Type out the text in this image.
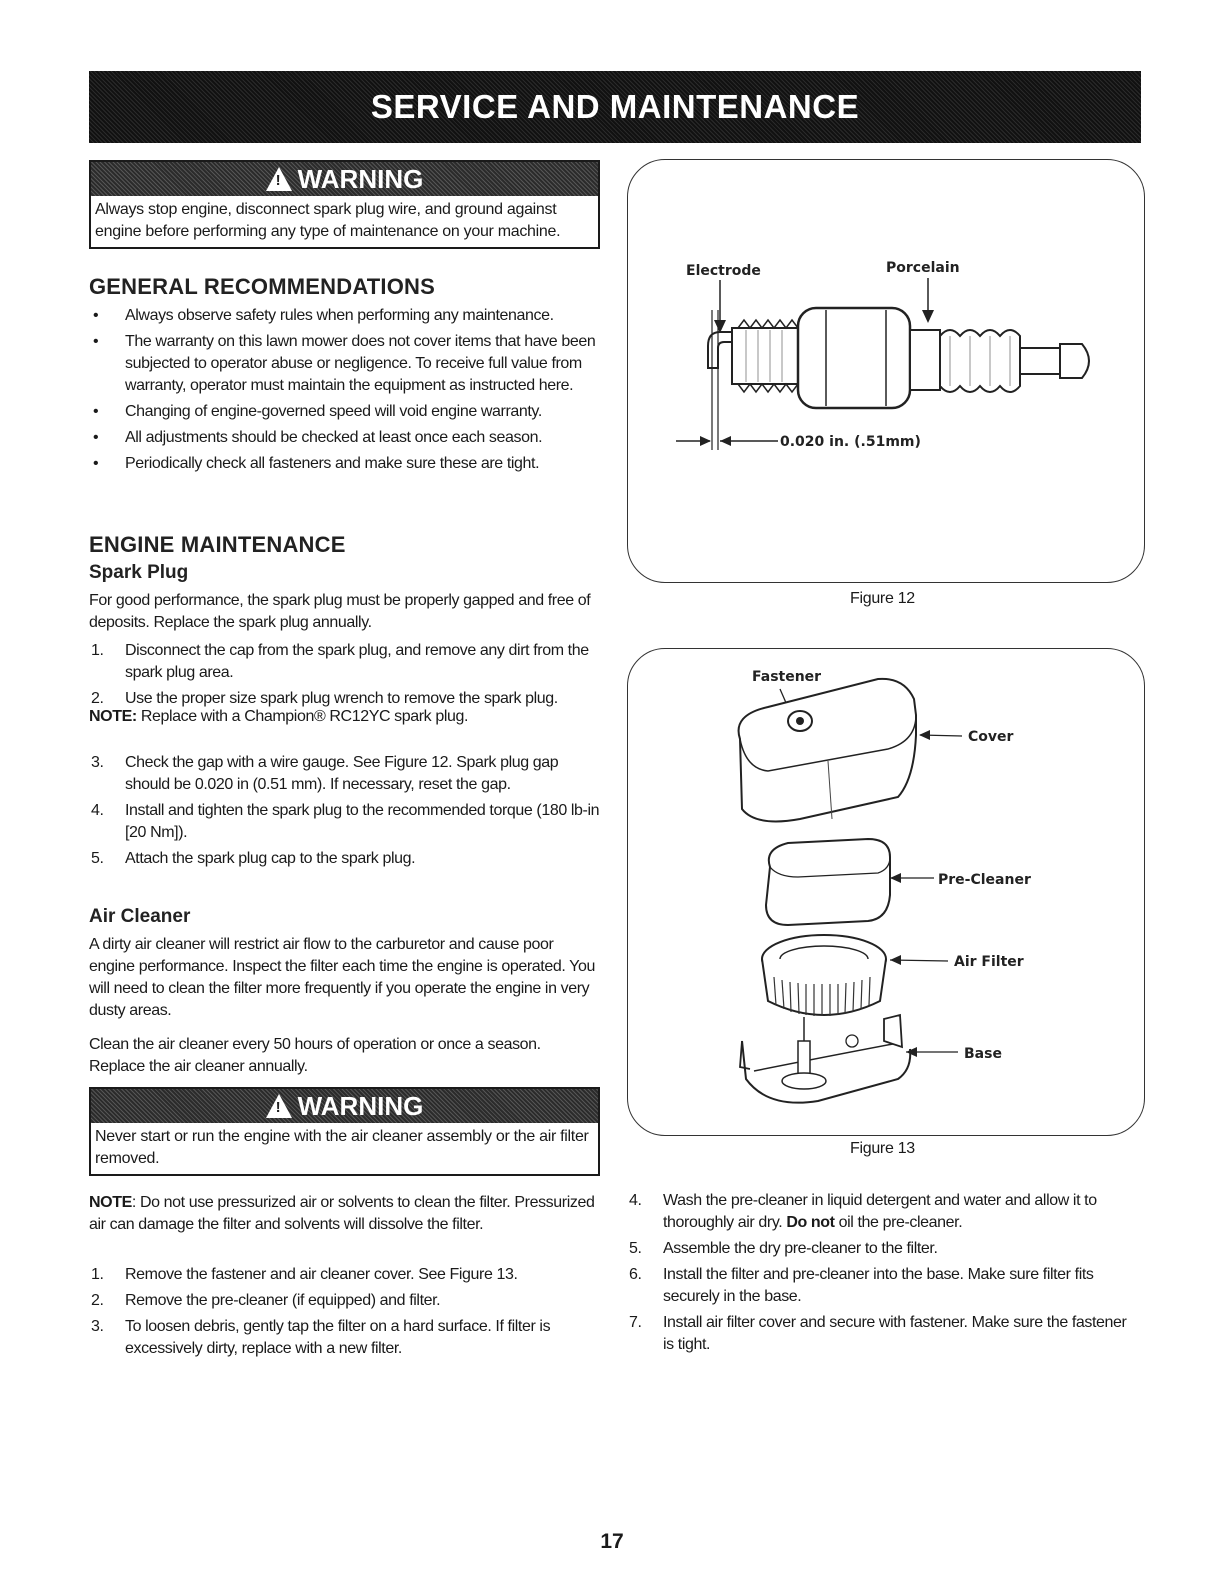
SERVICE AND MAINTENANCE
! WARNING
Always stop engine, disconnect spark plug wire, and ground against engine before performing any type of maintenance on your machine.
GENERAL RECOMMENDATIONS
• Always observe safety rules when performing any maintenance.
• The warranty on this lawn mower does not cover items that have been subjected to operator abuse or negligence. To receive full value from warranty, operator must maintain the equipment as instructed here.
• Changing of engine-governed speed will void engine warranty.
• All adjustments should be checked at least once each season.
• Periodically check all fasteners and make sure these are tight.
ENGINE MAINTENANCE
Spark Plug
For good performance, the spark plug must be properly gapped and free of deposits. Replace the spark plug annually.
1. Disconnect the cap from the spark plug, and remove any dirt from the spark plug area.
2. Use the proper size spark plug wrench to remove the spark plug.
NOTE: Replace with a Champion® RC12YC spark plug.
3. Check the gap with a wire gauge. See Figure 12. Spark plug gap should be 0.020 in (0.51 mm). If necessary, reset the gap.
4. Install and tighten the spark plug to the recommended torque (180 lb-in [20 Nm]).
5. Attach the spark plug cap to the spark plug.
Air Cleaner
A dirty air cleaner will restrict air flow to the carburetor and cause poor engine performance. Inspect the filter each time the engine is operated. You will need to clean the filter more frequently if you operate the engine in very dusty areas.
Clean the air cleaner every 50 hours of operation or once a season. Replace the air cleaner annually.
! WARNING
Never start or run the engine with the air cleaner assembly or the air filter removed.
NOTE: Do not use pressurized air or solvents to clean the filter. Pressurized air can damage the filter and solvents will dissolve the filter.
1. Remove the fastener and air cleaner cover. See Figure 13.
2. Remove the pre-cleaner (if equipped) and filter.
3. To loosen debris, gently tap the filter on a hard surface. If filter is excessively dirty, replace with a new filter.
Electrode	Porcelain
0.020 in. (.51mm)
Figure 12
Fastener
Cover
Pre-Cleaner
Air Filter
Base
Figure 13
4. Wash the pre-cleaner in liquid detergent and water and allow it to thoroughly air dry. Do not oil the pre-cleaner.
5. Assemble the dry pre-cleaner to the filter.
6. Install the filter and pre-cleaner into the base. Make sure filter fits securely in the base.
7. Install air filter cover and secure with fastener. Make sure the fastener is tight.
17
